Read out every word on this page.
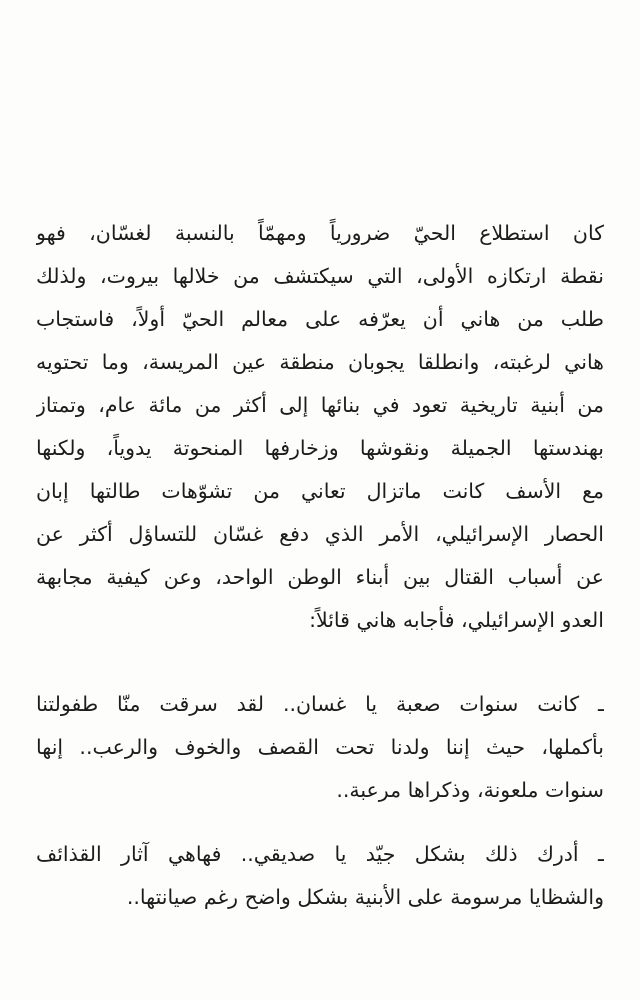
كان استطلاع الحيّ ضرورياً ومهمّاً بالنسبة لغسّان، فهو
نقطة ارتكازه الأولى، التي سيكتشف من خلالها بيروت، ولذلك
طلب من هاني أن يعرّفه على معالم الحيّ أولاً، فاستجاب
هاني لرغبته، وانطلقا يجوبان منطقة عين المريسة، وما تحتويه
من أبنية تاريخية تعود في بنائها إلى أكثر من مائة عام، وتمتاز
بهندستها الجميلة ونقوشها وزخارفها المنحوتة يدوياً، ولكنها
مع الأسف كانت ماتزال تعاني من تشوّهات طالتها إبان
الحصار الإسرائيلي، الأمر الذي دفع غسّان للتساؤل أكثر عن
عن أسباب القتال بين أبناء الوطن الواحد، وعن كيفية مجابهة
العدو الإسرائيلي، فأجابه هاني قائلاً:
ـ كانت سنوات صعبة يا غسان.. لقد سرقت منّا طفولتنا
بأكملها، حيث إننا ولدنا تحت القصف والخوف والرعب.. إنها
سنوات ملعونة، وذكراها مرعبة..
ـ أدرك ذلك بشكل جيّد يا صديقي.. فهاهي آثار القذائف
والشظايا مرسومة على الأبنية بشكل واضح رغم صيانتها..
